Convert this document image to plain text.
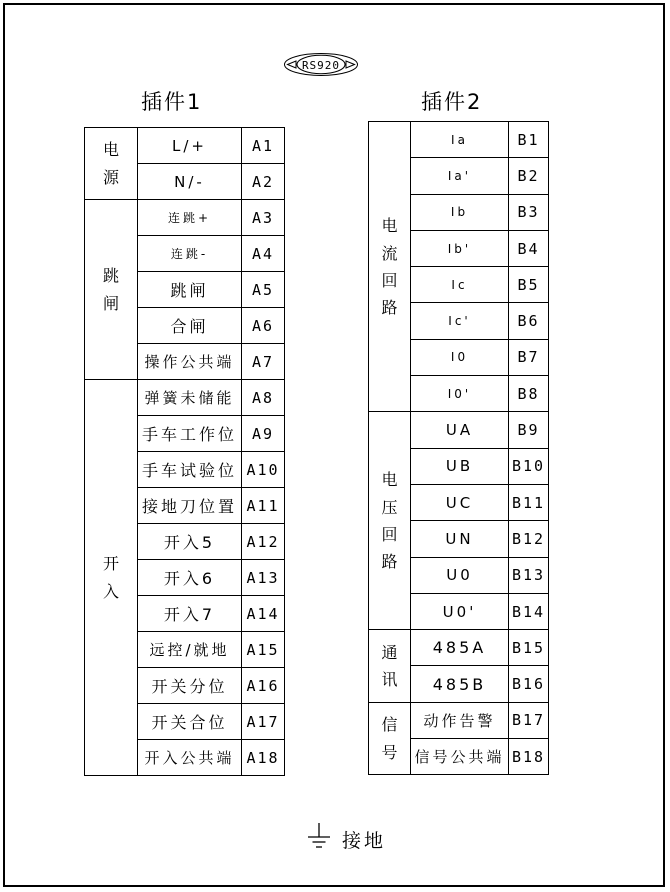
RS920
插件1	插件2
电源	L/+	A1
	N/-	A2
跳闸	连跳+	A3
	连跳-	A4
	跳闸	A5
	合闸	A6
	操作公共端	A7
开入	弹簧未储能	A8
	手车工作位	A9
	手车试验位	A10
	接地刀位置	A11
	开入5	A12
	开入6	A13
	开入7	A14
	远控/就地	A15
	开关分位	A16
	开关合位	A17
	开入公共端	A18
电流回路	Ia	B1
	Ia'	B2
	Ib	B3
	Ib'	B4
	Ic	B5
	Ic'	B6
	I0	B7
	I0'	B8
电压回路	UA	B9
	UB	B10
	UC	B11
	UN	B12
	U0	B13
	U0'	B14
通讯	485A	B15
	485B	B16
信号	动作告警	B17
	信号公共端	B18
接地
